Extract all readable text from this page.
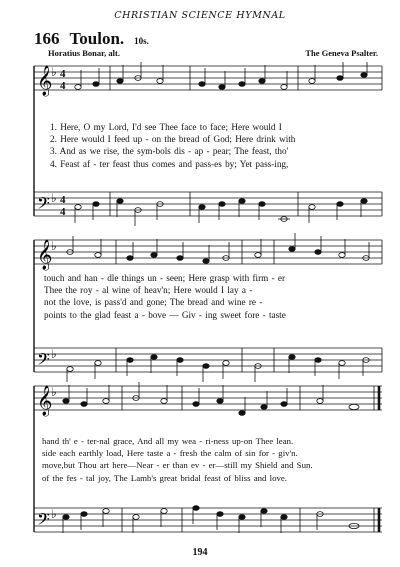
CHRISTIAN SCIENCE HYMNAL
166 Toulon. 10s.
Horatius Bonar, alt.	The Geneva Psalter.
𝄞
𝄢
♭
♭
4
4
4
4
1. Here, O my Lord, I'd see Thee face to face; Here would I
2. Here would I feed up - on the bread of God; Here drink with
3. And as we rise, the sym-bols dis - ap - pear; The feast, tho'
4. Feast af - ter feast thus comes and pass-es by; Yet pass-ing,
𝄞
𝄢
♭
♭
touch and han - dle things un - seen; Here grasp with firm - er
Thee the roy - al wine of heav'n; Here would I lay a -
not the love, is pass'd and gone; The bread and wine re -
points to the glad feast a - bove — Giv - ing sweet fore - taste
𝄞
𝄢
♭
♭
hand th' e - ter-nal grace, And all my wea - ri-ness up-on Thee lean.
side each earthly load, Here taste a - fresh the calm of sin for - giv'n.
move,but Thou art here—Near - er than ev - er—still my Shield and Sun.
of the fes - tal joy, The Lamb's great bridal feast of bliss and love.
194
